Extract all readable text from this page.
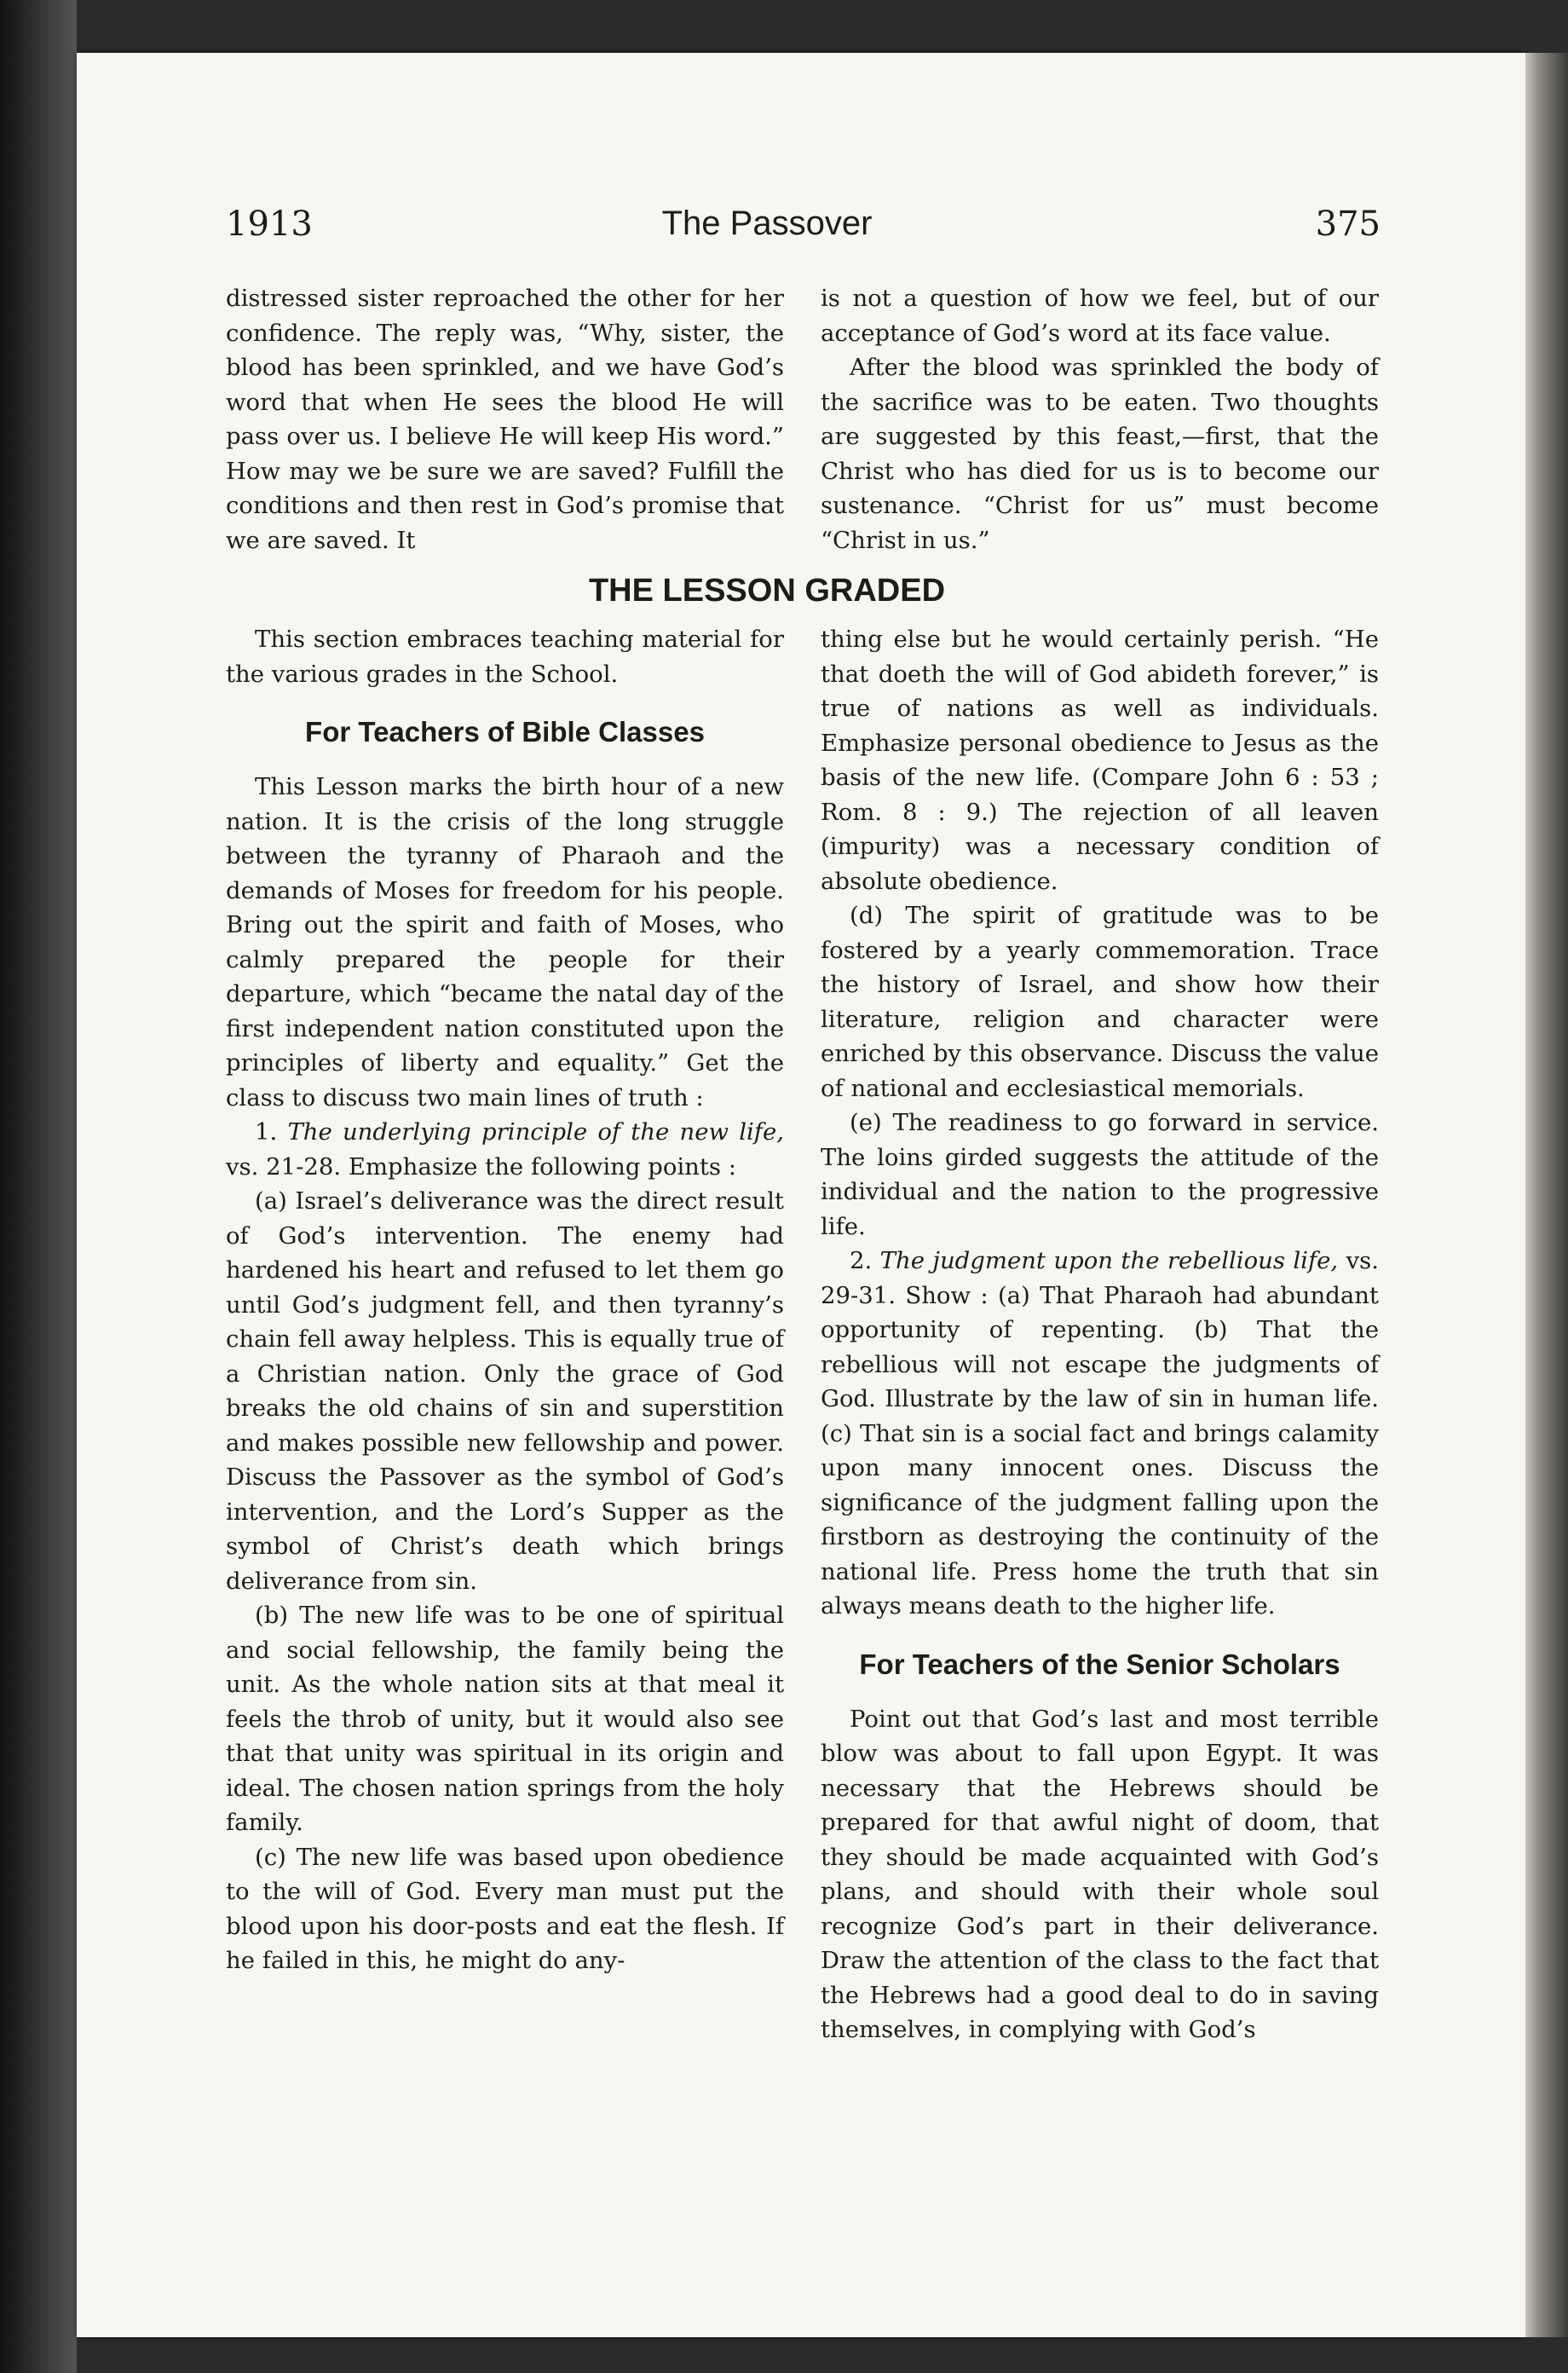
1913	The Passover	375

distressed sister reproached the other for her confidence. The reply was, “Why, sister, the blood has been sprinkled, and we have God’s word that when He sees the blood He will pass over us. I believe He will keep His word.” How may we be sure we are saved? Fulfill the conditions and then rest in God’s promise that we are saved. It

is not a question of how we feel, but of our acceptance of God’s word at its face value.

After the blood was sprinkled the body of the sacrifice was to be eaten. Two thoughts are suggested by this feast,—first, that the Christ who has died for us is to become our sustenance. “Christ for us” must become “Christ in us.”

THE LESSON GRADED

This section embraces teaching material for the various grades in the School.

For Teachers of Bible Classes

This Lesson marks the birth hour of a new nation. It is the crisis of the long struggle between the tyranny of Pharaoh and the demands of Moses for freedom for his people. Bring out the spirit and faith of Moses, who calmly prepared the people for their departure, which “became the natal day of the first independent nation constituted upon the principles of liberty and equality.” Get the class to discuss two main lines of truth :

1. The underlying principle of the new life, vs. 21-28. Emphasize the following points :

(a) Israel’s deliverance was the direct result of God’s intervention. The enemy had hardened his heart and refused to let them go until God’s judgment fell, and then tyranny’s chain fell away helpless. This is equally true of a Christian nation. Only the grace of God breaks the old chains of sin and superstition and makes possible new fellowship and power. Discuss the Passover as the symbol of God’s intervention, and the Lord’s Supper as the symbol of Christ’s death which brings deliverance from sin.

(b) The new life was to be one of spiritual and social fellowship, the family being the unit. As the whole nation sits at that meal it feels the throb of unity, but it would also see that that unity was spiritual in its origin and ideal. The chosen nation springs from the holy family.

(c) The new life was based upon obedience to the will of God. Every man must put the blood upon his door-posts and eat the flesh. If he failed in this, he might do any-

thing else but he would certainly perish. “He that doeth the will of God abideth forever,” is true of nations as well as individuals. Emphasize personal obedience to Jesus as the basis of the new life. (Compare John 6 : 53 ; Rom. 8 : 9.) The rejection of all leaven (impurity) was a necessary condition of absolute obedience.

(d) The spirit of gratitude was to be fostered by a yearly commemoration. Trace the history of Israel, and show how their literature, religion and character were enriched by this observance. Discuss the value of national and ecclesiastical memorials.

(e) The readiness to go forward in service. The loins girded suggests the attitude of the individual and the nation to the progressive life.

2. The judgment upon the rebellious life, vs. 29-31. Show : (a) That Pharaoh had abundant opportunity of repenting. (b) That the rebellious will not escape the judgments of God. Illustrate by the law of sin in human life. (c) That sin is a social fact and brings calamity upon many innocent ones. Discuss the significance of the judgment falling upon the firstborn as destroying the continuity of the national life. Press home the truth that sin always means death to the higher life.

For Teachers of the Senior Scholars

Point out that God’s last and most terrible blow was about to fall upon Egypt. It was necessary that the Hebrews should be prepared for that awful night of doom, that they should be made acquainted with God’s plans, and should with their whole soul recognize God’s part in their deliverance. Draw the attention of the class to the fact that the Hebrews had a good deal to do in saving themselves, in complying with God’s
